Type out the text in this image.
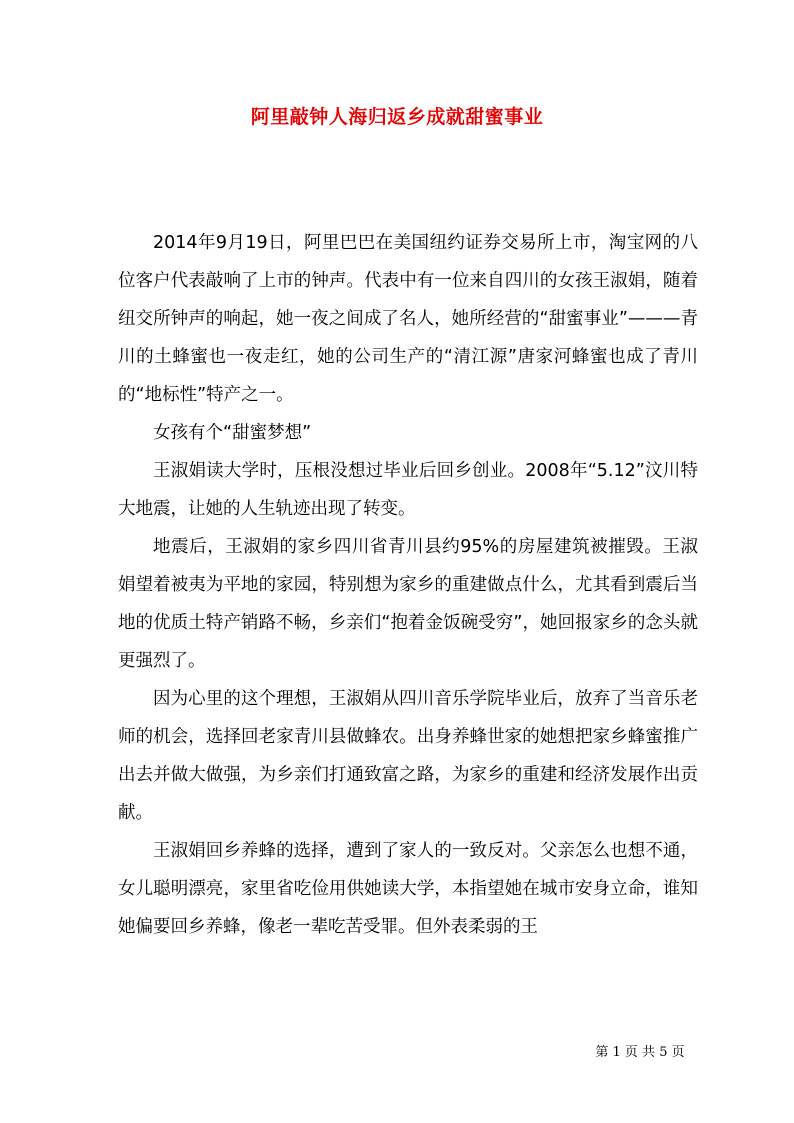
阿里敲钟人海归返乡成就甜蜜事业

2014年9月19日，阿里巴巴在美国纽约证券交易所上市，淘宝网的八位客户代表敲响了上市的钟声。代表中有一位来自四川的女孩王淑娟，随着纽交所钟声的响起，她一夜之间成了名人，她所经营的“甜蜜事业”———青川的土蜂蜜也一夜走红，她的公司生产的“清江源”唐家河蜂蜜也成了青川的“地标性”特产之一。

女孩有个“甜蜜梦想”

王淑娟读大学时，压根没想过毕业后回乡创业。2008年“5.12”汶川特大地震，让她的人生轨迹出现了转变。

地震后，王淑娟的家乡四川省青川县约95%的房屋建筑被摧毁。王淑娟望着被夷为平地的家园，特别想为家乡的重建做点什么，尤其看到震后当地的优质土特产销路不畅，乡亲们“抱着金饭碗受穷”，她回报家乡的念头就更强烈了。

因为心里的这个理想，王淑娟从四川音乐学院毕业后，放弃了当音乐老师的机会，选择回老家青川县做蜂农。出身养蜂世家的她想把家乡蜂蜜推广出去并做大做强，为乡亲们打通致富之路，为家乡的重建和经济发展作出贡献。

王淑娟回乡养蜂的选择，遭到了家人的一致反对。父亲怎么也想不通，女儿聪明漂亮，家里省吃俭用供她读大学，本指望她在城市安身立命，谁知她偏要回乡养蜂，像老一辈吃苦受罪。但外表柔弱的王

第 1 页 共 5 页
